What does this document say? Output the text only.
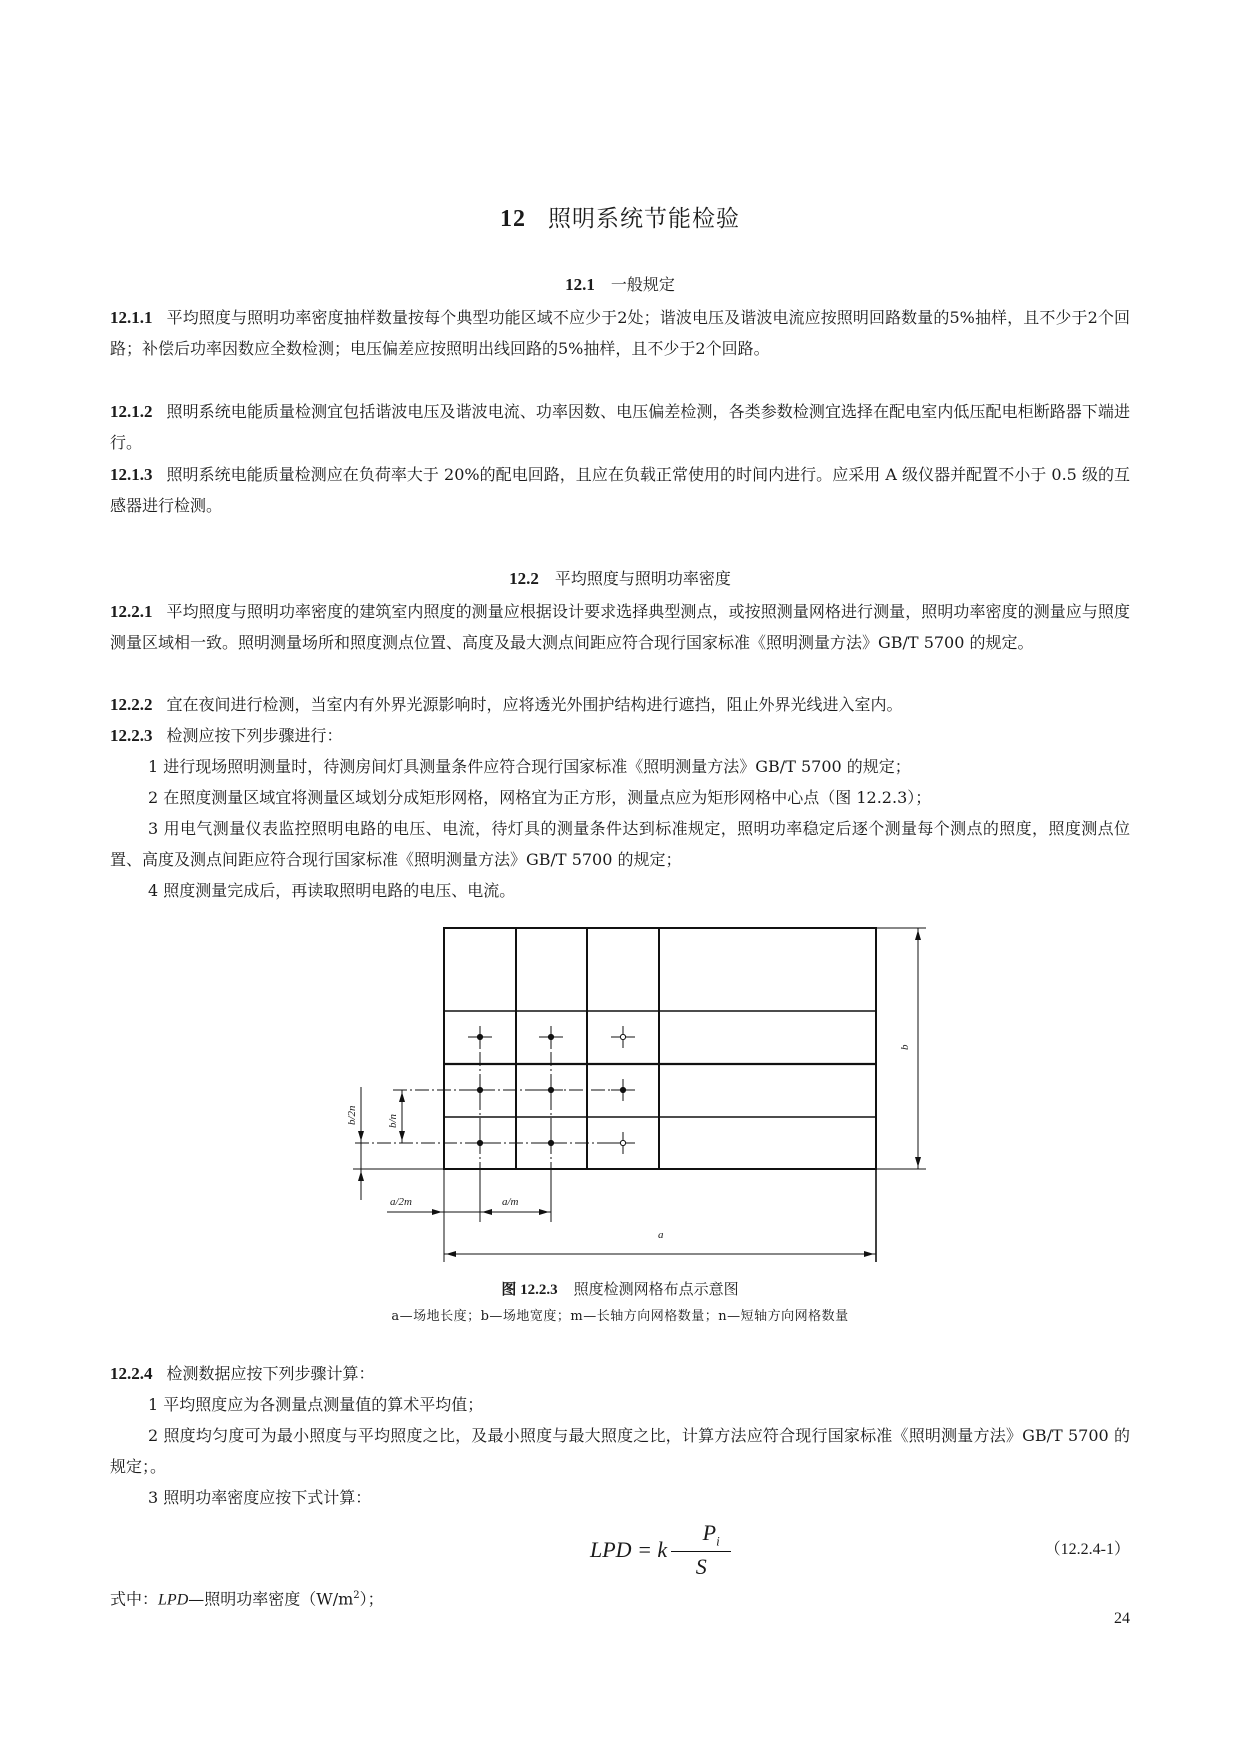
12 照明系统节能检验
12.1 一般规定
12.1.1 平均照度与照明功率密度抽样数量按每个典型功能区域不应少于2处；谐波电压及谐波电流应按照明回路数量的5%抽样，且不少于2个回路；补偿后功率因数应全数检测；电压偏差应按照明出线回路的5%抽样，且不少于2个回路。
12.1.2 照明系统电能质量检测宜包括谐波电压及谐波电流、功率因数、电压偏差检测，各类参数检测宜选择在配电室内低压配电柜断路器下端进行。
12.1.3 照明系统电能质量检测应在负荷率大于 20%的配电回路，且应在负载正常使用的时间内进行。应采用 A 级仪器并配置不小于 0.5 级的互感器进行检测。
12.2 平均照度与照明功率密度
12.2.1 平均照度与照明功率密度的建筑室内照度的测量应根据设计要求选择典型测点，或按照测量网格进行测量，照明功率密度的测量应与照度测量区域相一致。照明测量场所和照度测点位置、高度及最大测点间距应符合现行国家标准《照明测量方法》GB/T 5700 的规定。
12.2.2 宜在夜间进行检测，当室内有外界光源影响时，应将透光外围护结构进行遮挡，阻止外界光线进入室内。
12.2.3 检测应按下列步骤进行：
1 进行现场照明测量时，待测房间灯具测量条件应符合现行国家标准《照明测量方法》GB/T 5700 的规定；
2 在照度测量区域宜将测量区域划分成矩形网格，网格宜为正方形，测量点应为矩形网格中心点（图 12.2.3）；
3 用电气测量仪表监控照明电路的电压、电流，待灯具的测量条件达到标准规定，照明功率稳定后逐个测量每个测点的照度，照度测点位置、高度及测点间距应符合现行国家标准《照明测量方法》GB/T 5700 的规定；
4 照度测量完成后，再读取照明电路的电压、电流。
a
b
a/2m	a/m
b/2n	b/n
图 12.2.3 照度检测网格布点示意图
a—场地长度；b—场地宽度；m—长轴方向网格数量；n—短轴方向网格数量
12.2.4 检测数据应按下列步骤计算：
1 平均照度应为各测量点测量值的算术平均值；
2 照度均匀度可为最小照度与平均照度之比，及最小照度与最大照度之比，计算方法应符合现行国家标准《照明测量方法》GB/T 5700 的规定；。
3 照明功率密度应按下式计算：
LPD = k
$P_i$
S
（12.2.4-1）
式中：LPD—照明功率密度$(W/m^2)$；
24
